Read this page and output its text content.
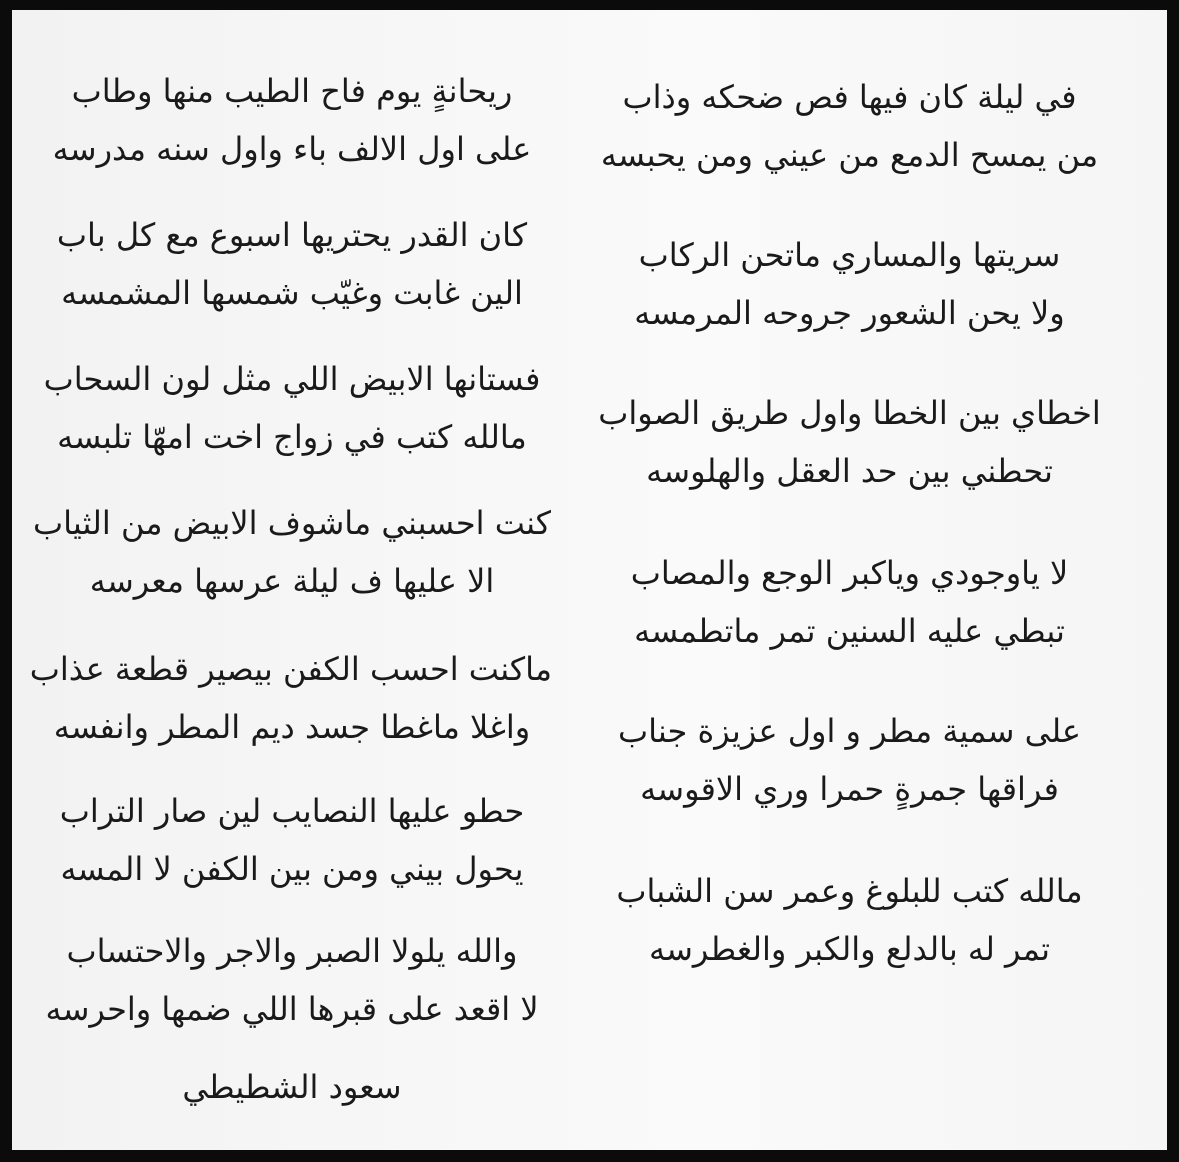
في ليلة كان فيها فص ضحكه وذاب
من يمسح الدمع من عيني ومن يحبسه
سريتها والمساري ماتحن الركاب
ولا يحن الشعور جروحه المرمسه
اخطاي بين الخطا واول طريق الصواب
تحطني بين حد العقل والهلوسه
لا ياوجودي وياكبر الوجع والمصاب
تبطي عليه السنين تمر ماتطمسه
على سمية مطر و اول عزيزة جناب
فراقها جمرةٍ حمرا وري الاقوسه
مالله كتب للبلوغ وعمر سن الشباب
تمر له بالدلع والكبر والغطرسه
ريحانةٍ يوم فاح الطيب منها وطاب
على اول الالف باء واول سنه مدرسه
كان القدر يحتريها اسبوع مع كل باب
الين غابت وغيّب شمسها المشمسه
فستانها الابيض اللي مثل لون السحاب
مالله كتب في زواج اخت امهّا تلبسه
كنت احسبني ماشوف الابيض من الثياب
الا عليها ف ليلة عرسها معرسه
ماكنت احسب الكفن بيصير قطعة عذاب
واغلا ماغطا جسد ديم المطر وانفسه
حطو عليها النصايب لين صار التراب
يحول بيني ومن بين الكفن لا المسه
والله يلولا الصبر والاجر والاحتساب
لا اقعد على قبرها اللي ضمها واحرسه
سعود الشطيطي
